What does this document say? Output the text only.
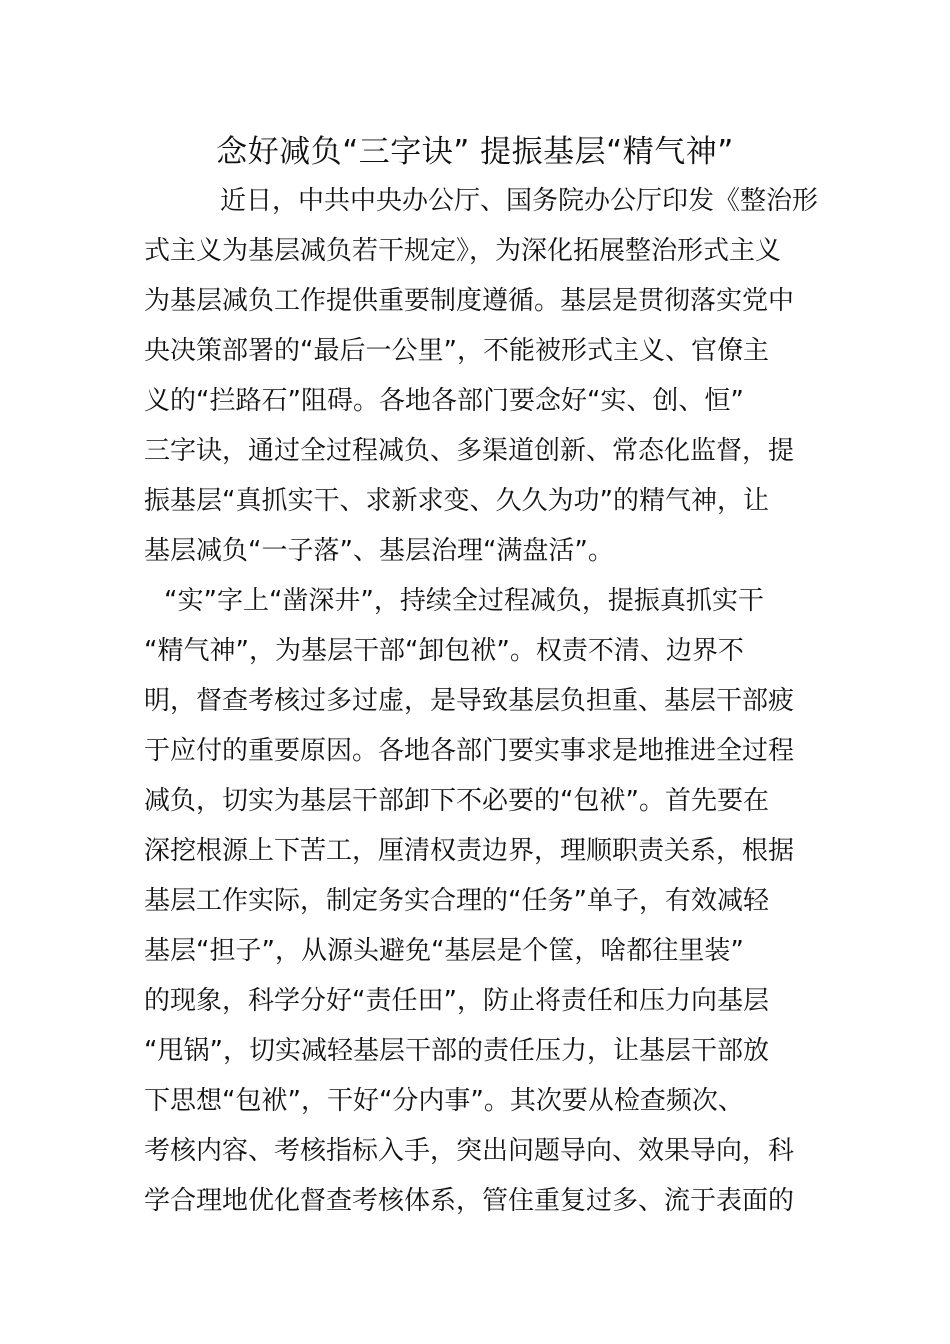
念好减负“三字诀” 提振基层“精气神”
近日，中共中央办公厅、国务院办公厅印发《整治形
式主义为基层减负若干规定》，为深化拓展整治形式主义
为基层减负工作提供重要制度遵循。基层是贯彻落实党中
央决策部署的“最后一公里”，不能被形式主义、官僚主
义的“拦路石”阻碍。各地各部门要念好“实、创、恒”
三字诀，通过全过程减负、多渠道创新、常态化监督，提
振基层“真抓实干、求新求变、久久为功”的精气神，让
基层减负“一子落”、基层治理“满盘活”。
“实”字上“凿深井”，持续全过程减负，提振真抓实干
“精气神”，为基层干部“卸包袱”。权责不清、边界不
明，督查考核过多过虚，是导致基层负担重、基层干部疲
于应付的重要原因。各地各部门要实事求是地推进全过程
减负，切实为基层干部卸下不必要的“包袱”。首先要在
深挖根源上下苦工，厘清权责边界，理顺职责关系，根据
基层工作实际，制定务实合理的“任务”单子，有效减轻
基层“担子”，从源头避免“基层是个筐，啥都往里装”
的现象，科学分好“责任田”，防止将责任和压力向基层
“甩锅”，切实减轻基层干部的责任压力，让基层干部放
下思想“包袱”，干好“分内事”。其次要从检查频次、
考核内容、考核指标入手，突出问题导向、效果导向，科
学合理地优化督查考核体系，管住重复过多、流于表面的
